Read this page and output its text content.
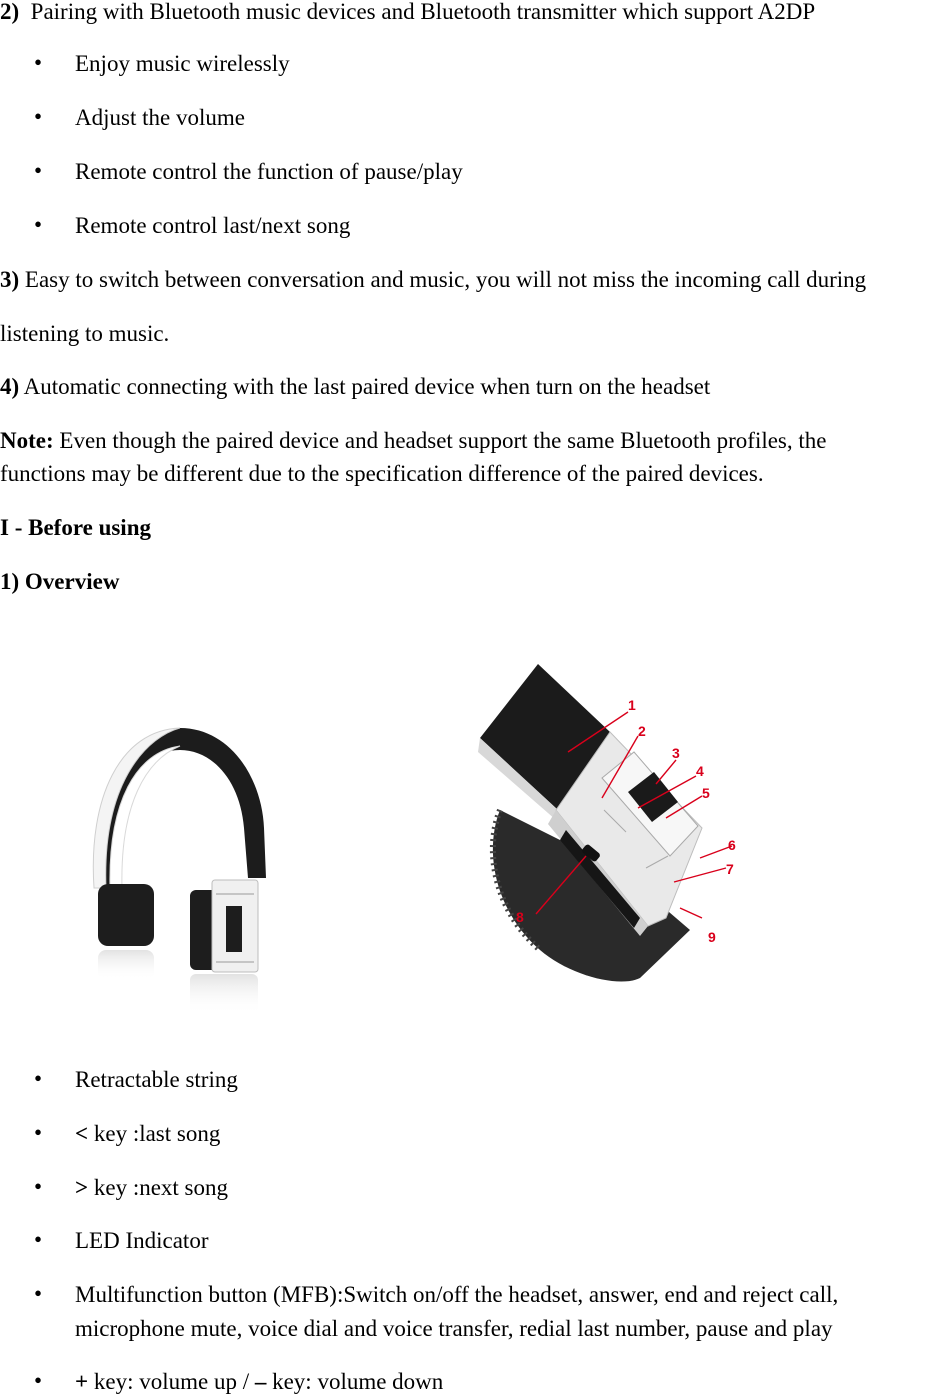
2) Pairing with Bluetooth music devices and Bluetooth transmitter which support A2DP
• Enjoy music wirelessly
• Adjust the volume
• Remote control the function of pause/play
• Remote control last/next song
3) Easy to switch between conversation and music, you will not miss the incoming call during
listening to music.
4) Automatic connecting with the last paired device when turn on the headset
Note: Even though the paired device and headset support the same Bluetooth profiles, the
functions may be different due to the specification difference of the paired devices.
I - Before using
1) Overview
1
2
3
4
5
6
7
8
9
• Retractable string
• < key :last song
• > key :next song
• LED Indicator
• Multifunction button (MFB):Switch on/off the headset, answer, end and reject call,
microphone mute, voice dial and voice transfer, redial last number, pause and play
• + key: volume up / – key: volume down
